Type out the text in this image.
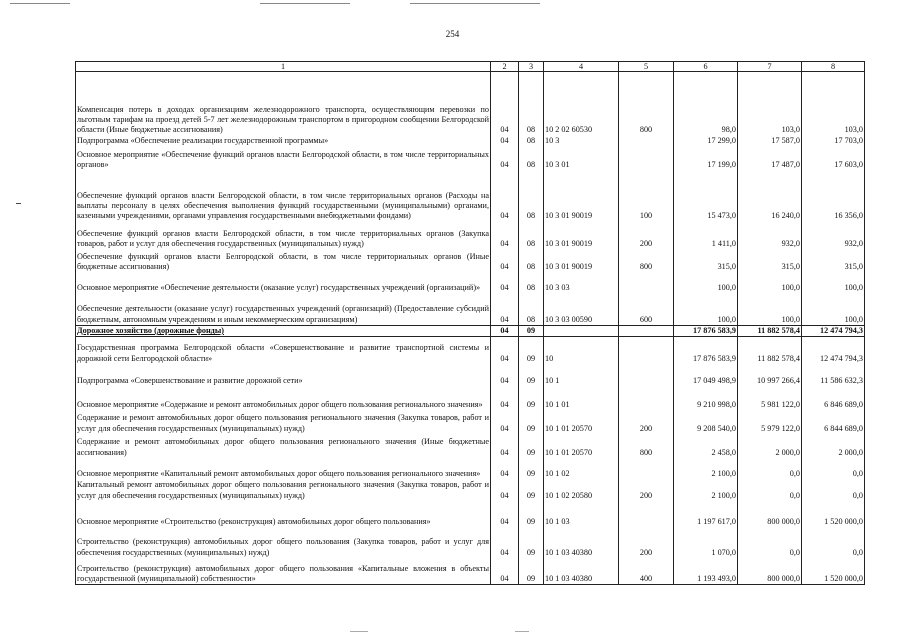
254
1	2	3	4	5	6	7	8
Компенсация потерь в доходах организациям железнодорожного транспорта, осуществляющим перевозки по льготным тарифам на проезд детей 5-7 лет железнодорожным транспортом в пригородном сообщении Белгородской области (Иные бюджетные ассигнования)	04	08	10 2 02 60530	800	98,0	103,0	103,0
Подпрограмма «Обеспечение реализации государственной программы»	04	08	10 3		17 299,0	17 587,0	17 703,0
Основное мероприятие «Обеспечение функций органов власти Белгородской области, в том числе территориальных органов»	04	08	10 3 01		17 199,0	17 487,0	17 603,0
Обеспечение функций органов власти Белгородской области, в том числе территориальных органов (Расходы на выплаты персоналу в целях обеспечения выполнения функций государственными (муниципальными) органами, казенными учреждениями, органами управления государственными внебюджетными фондами)	04	08	10 3 01 90019	100	15 473,0	16 240,0	16 356,0
Обеспечение функций органов власти Белгородской области, в том числе территориальных органов (Закупка товаров, работ и услуг для обеспечения государственных (муниципальных) нужд)	04	08	10 3 01 90019	200	1 411,0	932,0	932,0
Обеспечение функций органов власти Белгородской области, в том числе территориальных органов (Иные бюджетные ассигнования)	04	08	10 3 01 90019	800	315,0	315,0	315,0
Основное мероприятие «Обеспечение деятельности (оказание услуг) государственных учреждений (организаций)»	04	08	10 3 03		100,0	100,0	100,0
Обеспечение деятельности (оказание услуг) государственных учреждений (организаций) (Предоставление субсидий бюджетным, автономным учреждениям и иным некоммерческим организациям)	04	08	10 3 03 00590	600	100,0	100,0	100,0
Дорожное хозяйство (дорожные фонды)	04	09			17 876 583,9	11 882 578,4	12 474 794,3
Государственная программа Белгородской области «Совершенствование и развитие транспортной системы и дорожной сети Белгородской области»	04	09	10		17 876 583,9	11 882 578,4	12 474 794,3
Подпрограмма «Совершенствование и развитие дорожной сети»	04	09	10 1		17 049 498,9	10 997 266,4	11 586 632,3
Основное мероприятие «Содержание и ремонт автомобильных дорог общего пользования регионального значения»	04	09	10 1 01		9 210 998,0	5 981 122,0	6 846 689,0
Содержание и ремонт автомобильных дорог общего пользования регионального значения (Закупка товаров, работ и услуг для обеспечения государственных (муниципальных) нужд)	04	09	10 1 01 20570	200	9 208 540,0	5 979 122,0	6 844 689,0
Содержание и ремонт автомобильных дорог общего пользования регионального значения (Иные бюджетные ассигнования)	04	09	10 1 01 20570	800	2 458,0	2 000,0	2 000,0
Основное мероприятие «Капитальный ремонт автомобильных дорог общего пользования регионального значения»	04	09	10 1 02		2 100,0	0,0	0,0
Капитальный ремонт автомобильных дорог общего пользования регионального значения (Закупка товаров, работ и услуг для обеспечения государственных (муниципальных) нужд)	04	09	10 1 02 20580	200	2 100,0	0,0	0,0
Основное мероприятие «Строительство (реконструкция) автомобильных дорог общего пользования»	04	09	10 1 03		1 197 617,0	800 000,0	1 520 000,0
Строительство (реконструкция) автомобильных дорог общего пользования (Закупка товаров, работ и услуг для обеспечения государственных (муниципальных) нужд)	04	09	10 1 03 40380	200	1 070,0	0,0	0,0
Строительство (реконструкция) автомобильных дорог общего пользования «Капитальные вложения в объекты государственной (муниципальной) собственности»	04	09	10 1 03 40380	400	1 193 493,0	800 000,0	1 520 000,0
